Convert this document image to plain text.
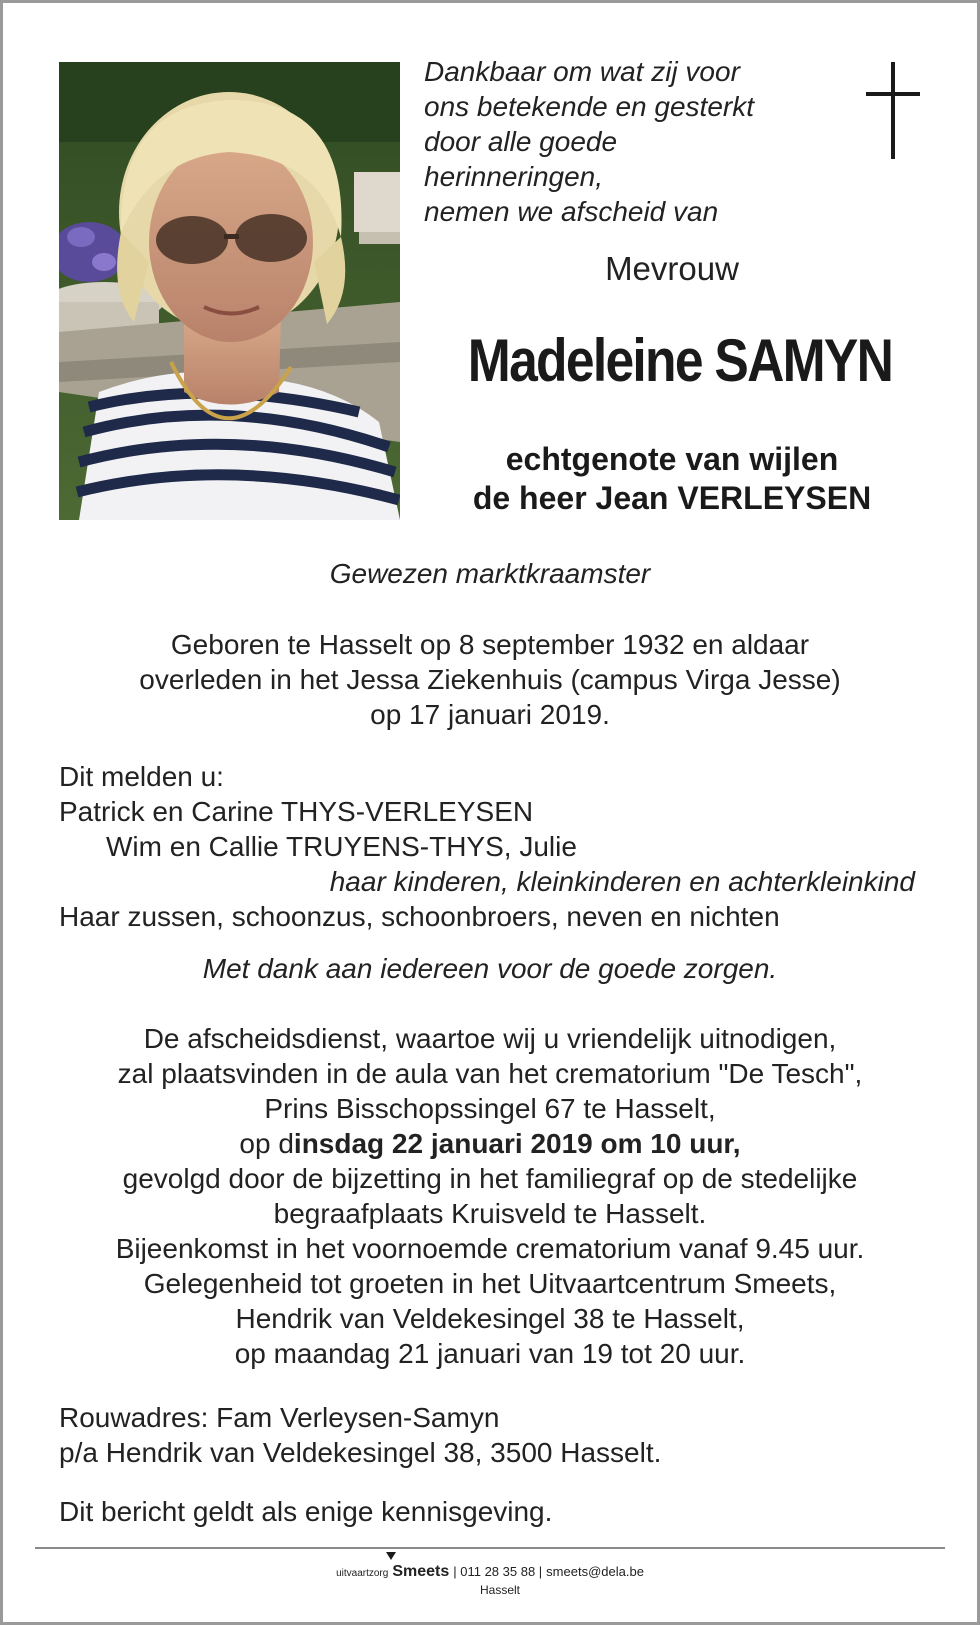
Dankbaar om wat zij voor
ons betekende en gesterkt
door alle goede
herinneringen,
nemen we afscheid van
Mevrouw
Madeleine SAMYN
echtgenote van wijlen
de heer Jean VERLEYSEN
Gewezen marktkraamster
Geboren te Hasselt op 8 september 1932 en aldaar
overleden in het Jessa Ziekenhuis (campus Virga Jesse)
op 17 januari 2019.
Dit melden u:
Patrick en Carine THYS-VERLEYSEN
Wim en Callie TRUYENS-THYS, Julie
haar kinderen, kleinkinderen en achterkleinkind
Haar zussen, schoonzus, schoonbroers, neven en nichten
Met dank aan iedereen voor de goede zorgen.
De afscheidsdienst, waartoe wij u vriendelijk uitnodigen,
zal plaatsvinden in de aula van het crematorium "De Tesch",
Prins Bisschopssingel 67 te Hasselt,
op dinsdag 22 januari 2019 om 10 uur,
gevolgd door de bijzetting in het familiegraf op de stedelijke
begraafplaats Kruisveld te Hasselt.
Bijeenkomst in het voornoemde crematorium vanaf 9.45 uur.
Gelegenheid tot groeten in het Uitvaartcentrum Smeets,
Hendrik van Veldekesingel 38 te Hasselt,
op maandag 21 januari van 19 tot 20 uur.
Rouwadres: Fam Verleysen-Samyn
p/a Hendrik van Veldekesingel 38, 3500 Hasselt.
Dit bericht geldt als enige kennisgeving.
uitvaartzorg Smeets | 011 28 35 88 | smeets@dela.be
Hasselt
